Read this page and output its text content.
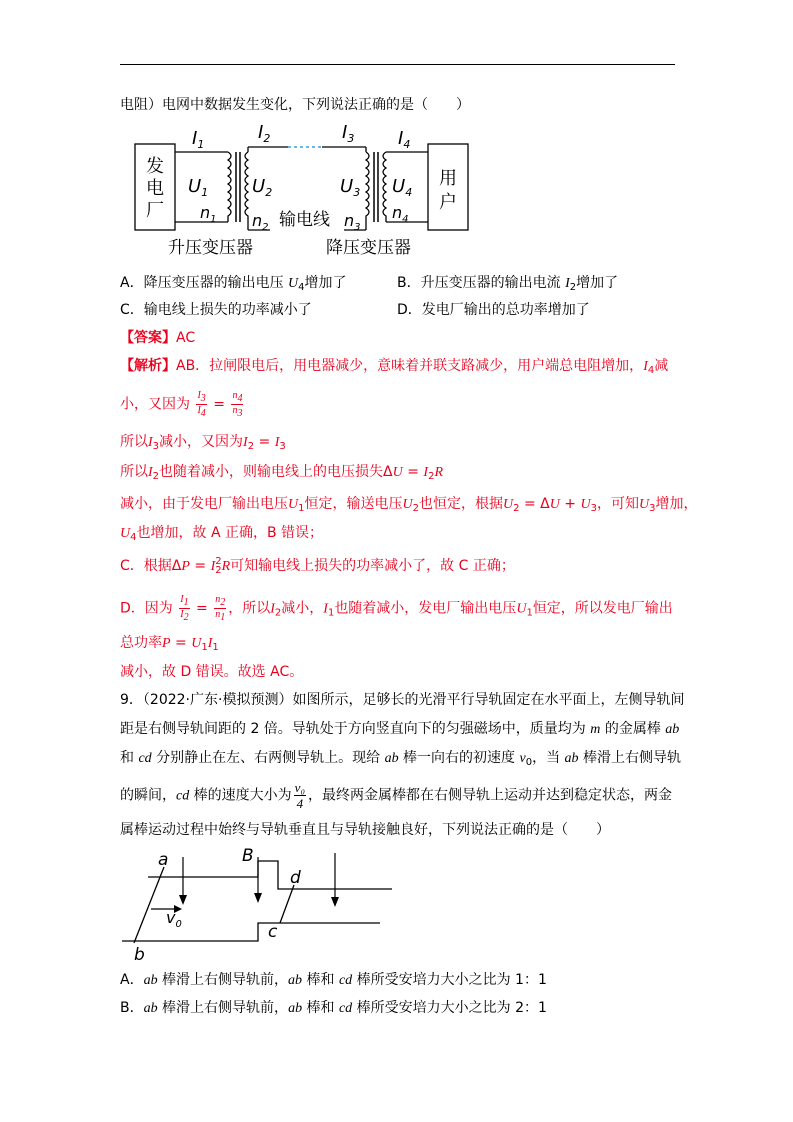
电阻）电网中数据发生变化，下列说法正确的是（　　）
发
电
厂
用
户
$I_1$
$I_2$	$I_3$ $I_4$
$U_1$ $U_2$	$U_3$ $U_4$
$n_1$ $n_2$	$n_3$
$n_4$
输电线
升压变压器	降压变压器
A．降压变压器的输出电压 $U_4$增加了	B．升压变压器的输出电流 $I_2$增加了
C．输电线上损失的功率减小了	D．发电厂输出的总功率增加了
【答案】AC
【解析】AB．拉闸限电后，用电器减少，意味着并联支路减少，用户端总电阻增加，$I_4$减
小，又因为 $\frac{I3}{I4} = \frac{n4}{n3}$
所以$I_3$减小，又因为$I_2 = I_3$
所以$I_2$也随着减小，则输电线上的电压损失$\Delta U = I_2R$
减小，由于发电厂输出电压$U_1$恒定，输送电压$U_2$也恒定，根据$U_2 = \Delta U + U_3$，可知$U_3$增加，
$U_4$也增加，故 A 正确，B 错误；
C．根据$\Delta P = I_2$
2 R可知输电线上损失的功率减小了，故 C 正确；
D．因为 $\frac{I1}{I2} = \frac{n2}{n1}$ ，所以$I_2$减小，$I_1$也随着减小，发电厂输出电压$U_1$恒定，所以发电厂输出
总功率$P = U_1I_1$
减小，故 D 错误。故选 AC。
9．（2022·广东·模拟预测）如图所示，足够长的光滑平行导轨固定在水平面上，左侧导轨间
距是右侧导轨间距的 2 倍。导轨处于方向竖直向下的匀强磁场中，质量均为 m 的金属棒 ab
和 cd 分别静止在左、右两侧导轨上。现给 ab 棒一向右的初速度 $v_0$，当 ab 棒滑上右侧导轨
的瞬间，cd 棒的速度大小为 $\frac{\text{v₀}}{4}$ ，最终两金属棒都在右侧导轨上运动并达到稳定状态，两金
属棒运动过程中始终与导轨垂直且与导轨接触良好，下列说法正确的是（　　）
a
b
c
d
B
$v_0$
A．ab 棒滑上右侧导轨前，ab 棒和 cd 棒所受安培力大小之比为 1：1
B．ab 棒滑上右侧导轨前，ab 棒和 cd 棒所受安培力大小之比为 2：1
